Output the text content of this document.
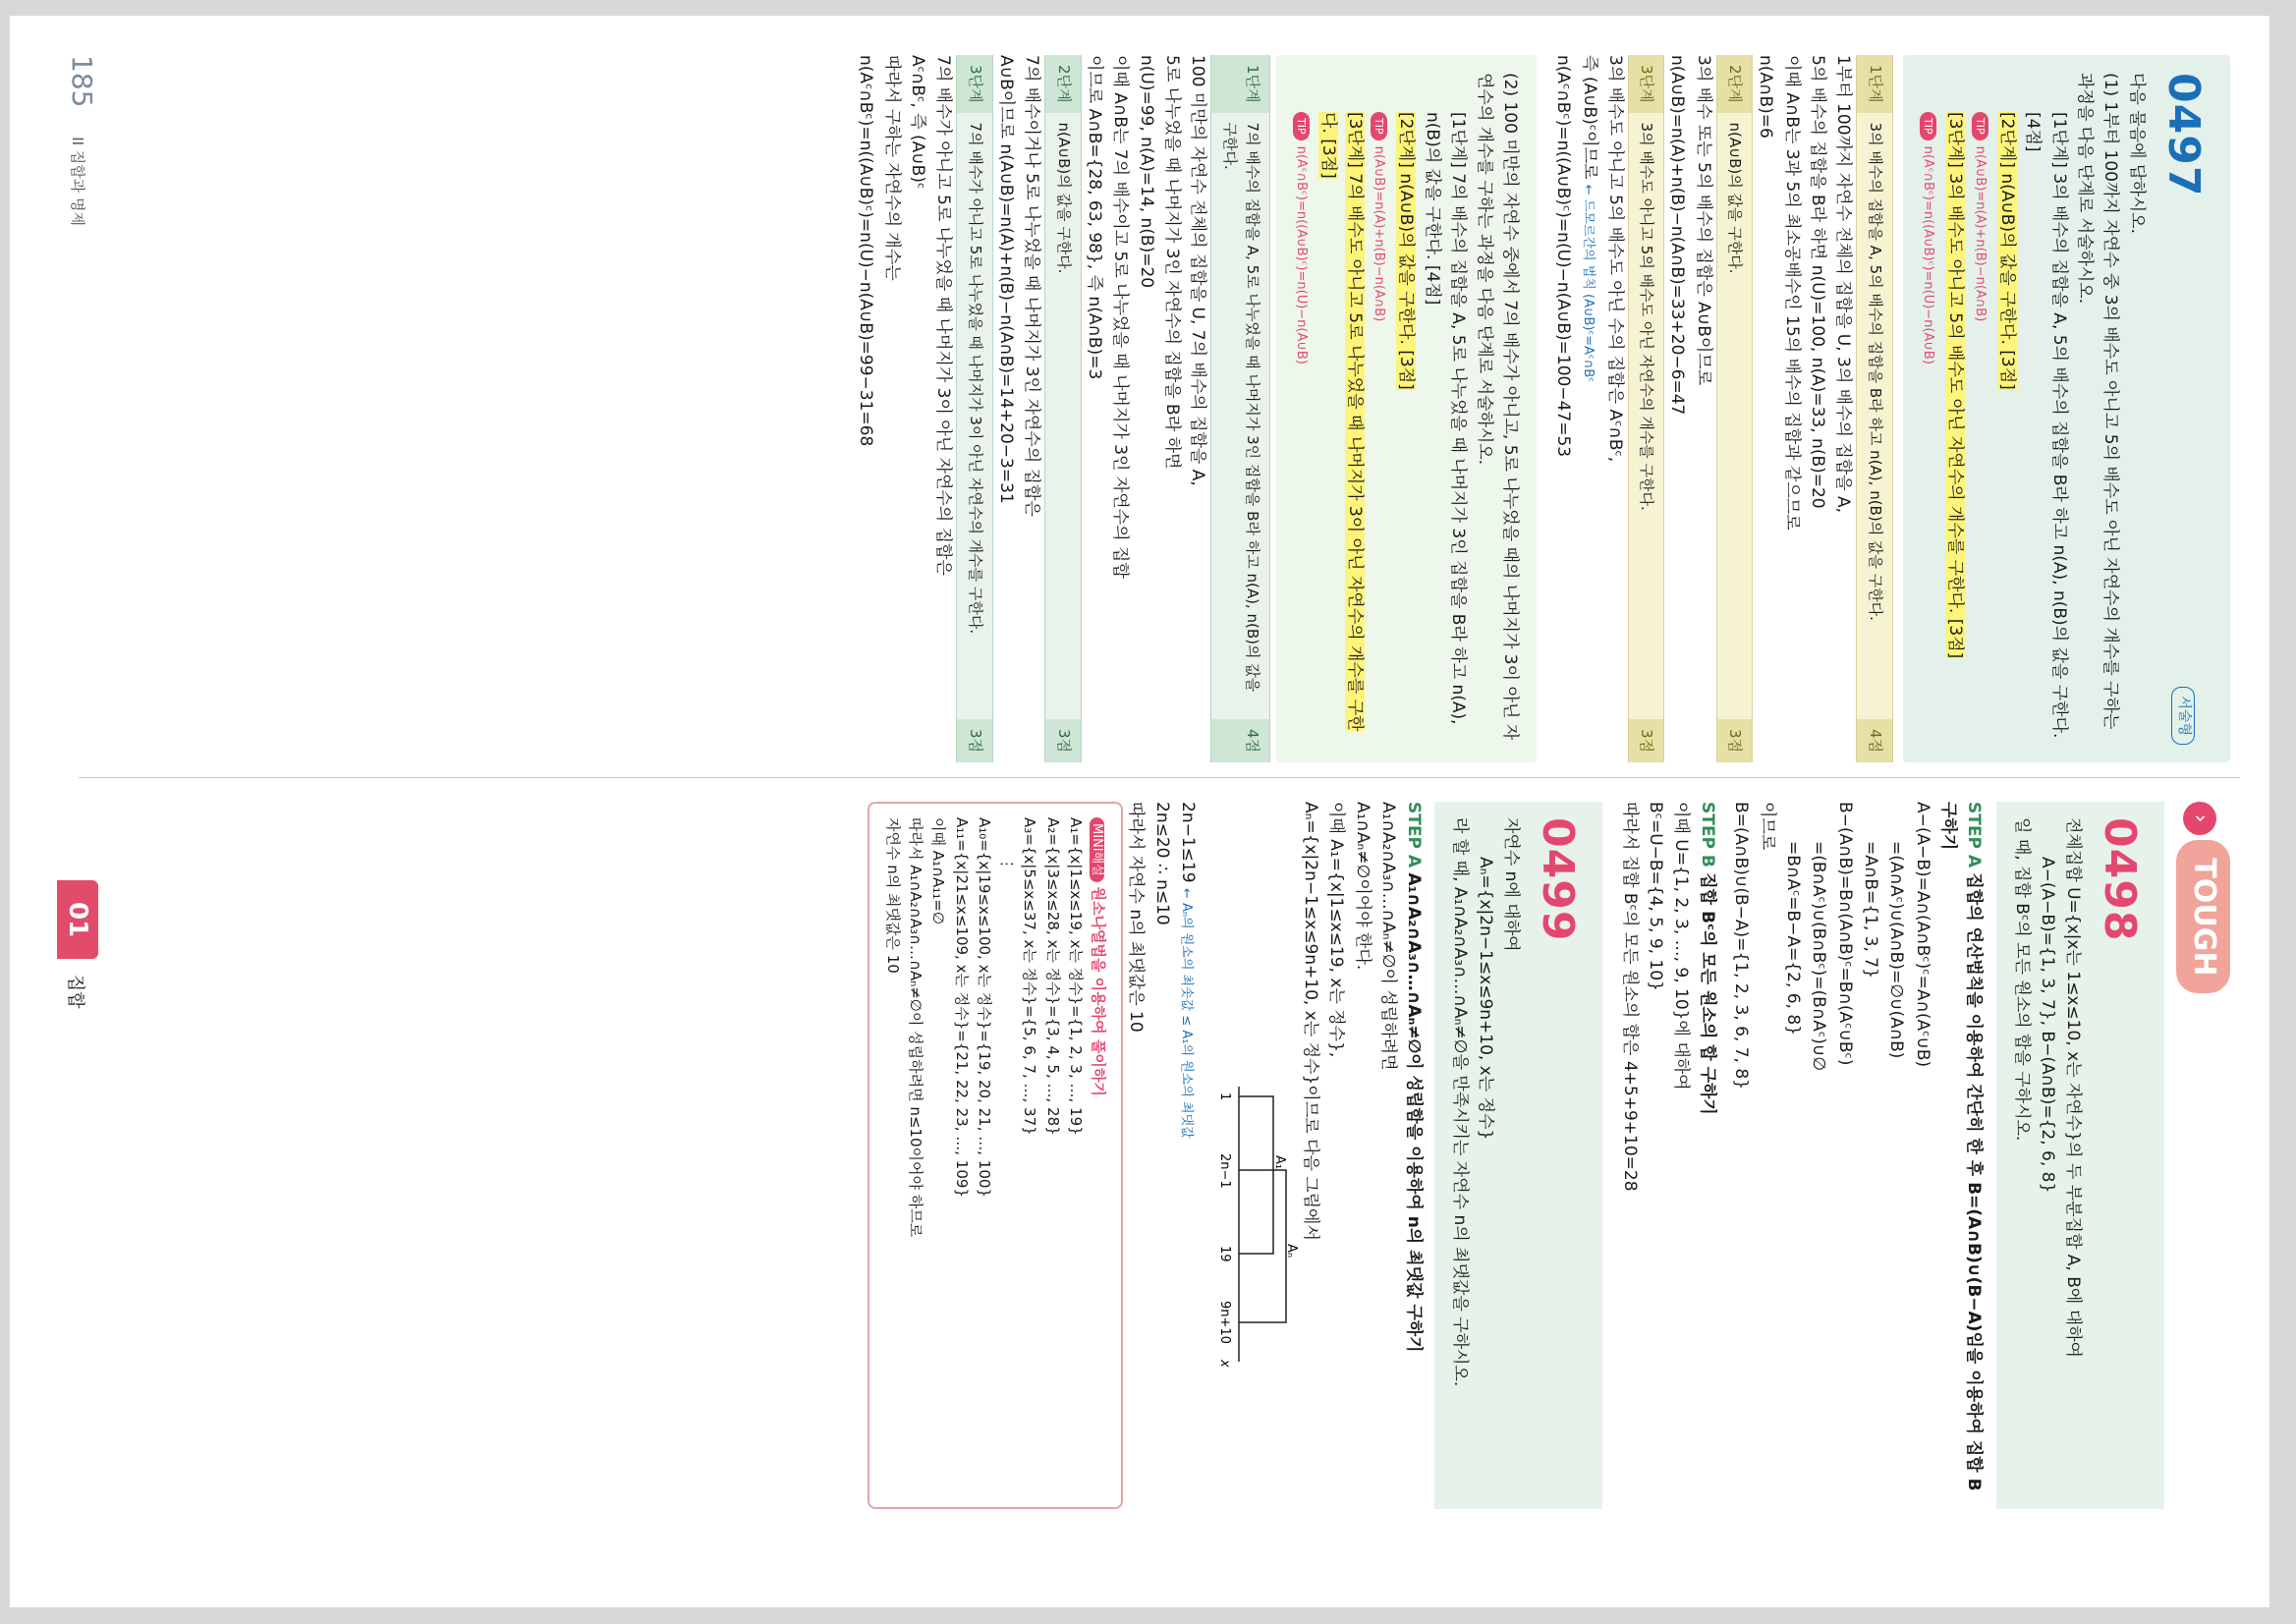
0497
서술형

다음 물음에 답하시오.

(1) 1부터 100까지 자연수 중 3의 배수도 아니고 5의 배수도 아닌 자연수의 개수를 구하는 과정을 다음 단계로 서술하시오.

[1단계] 3의 배수의 집합을 A, 5의 배수의 집합을 B라 하고 n(A), n(B)의 값을 구한다. [4점]

[2단계] n(A∪B)의 값을 구한다. [3점]

TIPn(A∪B)=n(A)+n(B)−n(A∩B)

[3단계] 3의 배수도 아니고 5의 배수도 아닌 자연수의 개수를 구한다. [3점]

TIPn(Aᶜ∩Bᶜ)=n((A∪B)ᶜ)=n(U)−n(A∪B)

1단계
3의 배수의 집합을 A, 5의 배수의 집합을 B라 하고 n(A), n(B)의 값을 구한다.
4점

1부터 100까지 자연수 전체의 집합을 U, 3의 배수의 집합을 A,

5의 배수의 집합을 B라 하면 n(U)=100, n(A)=33, n(B)=20

이때 A∩B는 3과 5의 최소공배수인 15의 배수의 집합과 같으므로

n(A∩B)=6

2단계
n(A∪B)의 값을 구한다.
3점

3의 배수 또는 5의 배수의 집합은 A∪B이므로

n(A∪B)=n(A)+n(B)−n(A∩B)=33+20−6=47

3단계
3의 배수도 아니고 5의 배수도 아닌 자연수의 개수를 구한다.
3점

3의 배수도 아니고 5의 배수도 아닌 수의 집합은 Aᶜ∩Bᶜ,

즉 (A∪B)ᶜ이므로 ← 드모르간의 법칙 (A∪B)ᶜ=Aᶜ∩Bᶜ

n(Aᶜ∩Bᶜ)=n((A∪B)ᶜ)=n(U)−n(A∪B)=100−47=53

(2) 100 미만의 자연수 중에서 7의 배수가 아니고, 5로 나누었을 때의 나머지가 3이 아닌 자연수의 개수를 구하는 과정을 다음 단계로 서술하시오.

[1단계] 7의 배수의 집합을 A, 5로 나누었을 때 나머지가 3인 집합을 B라 하고 n(A), n(B)의 값을 구한다. [4점]

[2단계] n(A∪B)의 값을 구한다. [3점]

TIPn(A∪B)=n(A)+n(B)−n(A∩B)

[3단계] 7의 배수도 아니고 5로 나누었을 때 나머지가 3이 아닌 자연수의 개수를 구한다. [3점]

TIPn(Aᶜ∩Bᶜ)=n((A∪B)ᶜ)=n(U)−n(A∪B)

1단계
7의 배수의 집합을 A, 5로 나누었을 때 나머지가 3인 집합을 B라 하고 n(A), n(B)의 값을 구한다.
4점

100 미만의 자연수 전체의 집합을 U, 7의 배수의 집합을 A,

5로 나누었을 때 나머지가 3인 자연수의 집합을 B라 하면

n(U)=99, n(A)=14, n(B)=20

이때 A∩B는 7의 배수이고 5로 나누었을 때 나머지가 3인 자연수의 집합

이므로 A∩B={28, 63, 98}, 즉 n(A∩B)=3

2단계
n(A∪B)의 값을 구한다.
3점

7의 배수이거나 5로 나누었을 때 나머지가 3인 자연수의 집합은

A∪B이므로 n(A∪B)=n(A)+n(B)−n(A∩B)=14+20−3=31

3단계
7의 배수가 아니고 5로 나누었을 때 나머지가 3이 아닌 자연수의 개수를 구한다.
3점

7의 배수가 아니고 5로 나누었을 때 나머지가 3이 아닌 자연수의 집합은

Aᶜ∩Bᶜ, 즉 (A∪B)ᶜ

따라서 구하는 자연수의 개수는

n(Aᶜ∩Bᶜ)=n((A∪B)ᶜ)=n(U)−n(A∪B)=99−31=68

› TOUGH
0498

전체집합 U={x|x는 1≤x≤10, x는 자연수}의 두 부분집합 A, B에 대하여

A−(A−B)={1, 3, 7}, B−(A∩B)={2, 6, 8}

일 때, 집합 Bᶜ의 모든 원소의 합을 구하시오.

STEP A 집합의 연산법칙을 이용하여 간단히 한 후 B=(A∩B)∪(B−A)임을 이용하여 집합 B 구하기

A−(A−B)=A∩(A∩Bᶜ)ᶜ=A∩(Aᶜ∪B)

=(A∩Aᶜ)∪(A∩B)=∅∪(A∩B)

=A∩B={1, 3, 7}

B−(A∩B)=B∩(A∩B)ᶜ=B∩(Aᶜ∪Bᶜ)

=(B∩Aᶜ)∪(B∩Bᶜ)=(B∩Aᶜ)∪∅

=B∩Aᶜ=B−A={2, 6, 8}

이므로

B=(A∩B)∪(B−A)={1, 2, 3, 6, 7, 8}

STEP B 집합 Bᶜ의 모든 원소의 합 구하기

이때 U={1, 2, 3, …, 9, 10}에 대하여

Bᶜ=U−B={4, 5, 9, 10}

따라서 집합 Bᶜ의 모든 원소의 합은 4+5+9+10=28

0499

자연수 n에 대하여

Aₙ={x|2n−1≤x≤9n+10, x는 정수}

라 할 때, A₁∩A₂∩A₃∩…∩Aₙ≠∅을 만족시키는 자연수 n의 최댓값을 구하시오.

STEP A A₁∩A₂∩A₃∩…∩Aₙ≠∅이 성립함을 이용하여 n의 최댓값 구하기

A₁∩A₂∩A₃∩…∩Aₙ≠∅이 성립하려면

A₁∩Aₙ≠∅이어야 한다.

이때 A₁={x|1≤x≤19, x는 정수},

Aₙ={x|2n−1≤x≤9n+10, x는 정수}이므로 다음 그림에서

A₁
Aₙ
1
2n−1
19
9n+10
x

2n−1≤19 ← Aₙ의 원소의 최솟값 ≤ A₁의 원소의 최댓값

2n≤20 ∴ n≤10

따라서 자연수 n의 최댓값은 10

MINI해설 원소나열법을 이용하여 풀이하기

A₁={x|1≤x≤19, x는 정수}={1, 2, 3, …, 19}

A₂={x|3≤x≤28, x는 정수}={3, 4, 5, …, 28}

A₃={x|5≤x≤37, x는 정수}={5, 6, 7, …, 37}

⋮

A₁₀={x|19≤x≤100, x는 정수}={19, 20, 21, …, 100}

A₁₁={x|21≤x≤109, x는 정수}={21, 22, 23, …, 109}

이때 A₁∩A₁₁=∅

따라서 A₁∩A₂∩A₃∩…∩Aₙ≠∅이 성립하려면 n≤10이어야 하므로

자연수 n의 최댓값은 10

01 집합
185 II 집합과 명제
